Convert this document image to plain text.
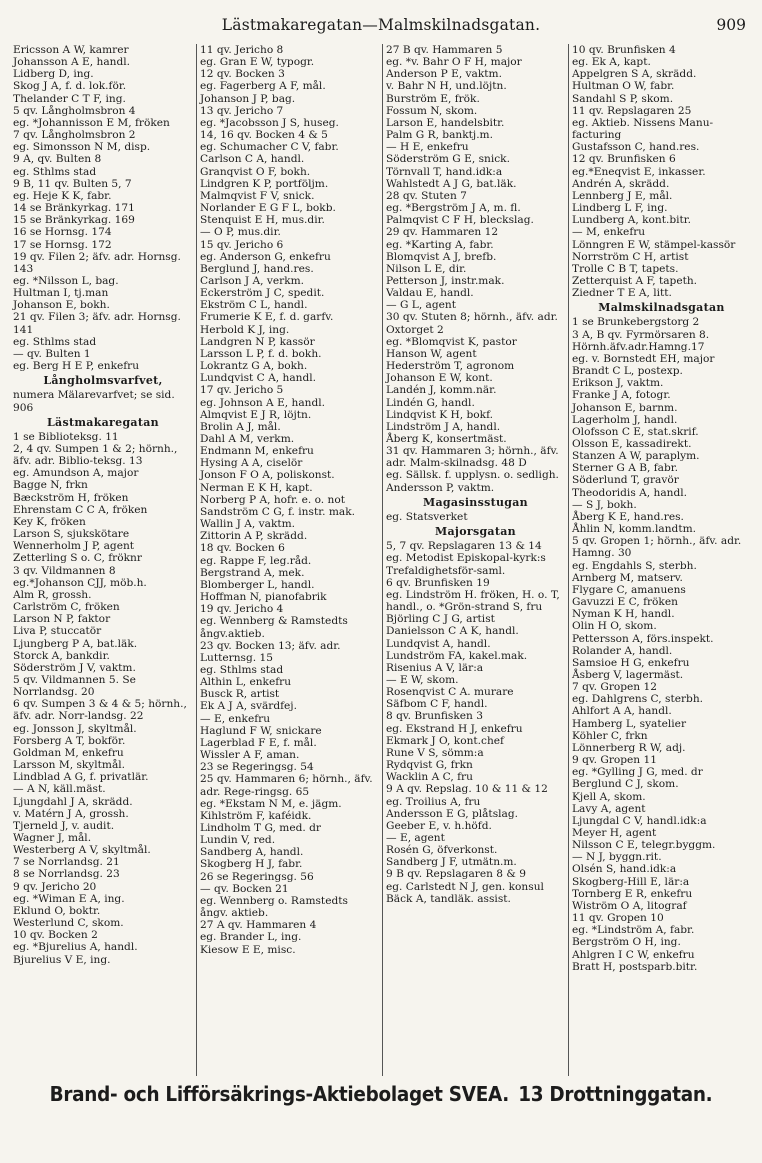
Lästmakaregatan—Malmskilnadsgatan.	909
Ericsson A W, kamrer
Johansson A E, handl.
Lidberg D, ing.
Skog J A, f. d. lok.för.
Thelander C T F, ing.
5 qv. Långholmsbron 4
eg. *Johannisson E M, fröken
7 qv. Långholmsbron 2
eg. Simonsson N M, disp.
9 A, qv. Bulten 8
eg. Sthlms stad
9 B, 11 qv. Bulten 5, 7
eg. Heje K K, fabr.
14 se Bränkyrkag. 171
15 se Bränkyrkag. 169
16 se Hornsg. 174
17 se Hornsg. 172
19 qv. Filen 2; äfv. adr. Hornsg. 143
eg. *Nilsson L, bag.
Hultman I, tj.man
Johanson E, bokh.
21 qv. Filen 3; äfv. adr. Hornsg. 141
eg. Sthlms stad
— qv. Bulten 1
eg. Berg H E P, enkefru
Långholmsvarfvet,
numera Mälarevarfvet; se sid. 906
Lästmakaregatan
1 se Biblioteksg. 11
2, 4 qv. Sumpen 1 & 2; hörnh., äfv. adr. Biblio-teksg. 13
eg. Amundson A, major
Bagge N, frkn
Bæckström H, fröken
Ehrenstam C C A, fröken
Key K, fröken
Larson S, sjukskötare
Wennerholm J P, agent
Zetterling S o. C, fröknr
3 qv. Vildmannen 8
eg.*Johanson CJJ, möb.h.
Alm R, grossh.
Carlström C, fröken
Larson N P, faktor
Liva P, stuccatör
Ljungberg P A, bat.läk.
Storck A, bankdir.
Söderström J V, vaktm.
5 qv. Vildmannen 5. Se Norrlandsg. 20
6 qv. Sumpen 3 & 4 & 5; hörnh., äfv. adr. Norr-landsg. 22
eg. Jonsson J, skyltmål.
Forsberg A T, bokför.
Goldman M, enkefru
Larsson M, skyltmål.
Lindblad A G, f. privatlär.
— A N, käll.mäst.
Ljungdahl J A, skrädd.
v. Matérn J A, grossh.
Tjerneld J, v. audit.
Wagner J, mål.
Westerberg A V, skyltmål.
7 se Norrlandsg. 21
8 se Norrlandsg. 23
9 qv. Jericho 20
eg. *Wiman E A, ing.
Eklund O, boktr.
Westerlund C, skom.
10 qv. Bocken 2
eg. *Bjurelius A, handl.
Bjurelius V E, ing.
11 qv. Jericho 8
eg. Gran E W, typogr.
12 qv. Bocken 3
eg. Fagerberg A F, mål.
Johanson J P, bag.
13 qv. Jericho 7
eg. *Jacobsson J S, huseg.
14, 16 qv. Bocken 4 & 5
eg. Schumacher C V, fabr.
Carlson C A, handl.
Granqvist O F, bokh.
Lindgren K P, portföljm.
Malmqvist F V, snick.
Norlander E G F L, bokb.
Stenquist E H, mus.dir.
— O P, mus.dir.
15 qv. Jericho 6
eg. Anderson G, enkefru
Berglund J, hand.res.
Carlson J A, verkm.
Eckerström J C, spedit.
Ekström C L, handl.
Frumerie K E, f. d. garfv.
Herbold K J, ing.
Landgren N P, kassör
Larsson L P, f. d. bokh.
Lokrantz G A, bokh.
Lundqvist C A, handl.
17 qv. Jericho 5
eg. Johnson A E, handl.
Almqvist E J R, löjtn.
Brolin A J, mål.
Dahl A M, verkm.
Endmann M, enkefru
Hysing A A, ciselör
Jonson F O A, poliskonst.
Nerman E K H, kapt.
Norberg P A, hofr. e. o. not
Sandström C G, f. instr. mak.
Wallin J A, vaktm.
Zittorin A P, skrädd.
18 qv. Bocken 6
eg. Rappe F, leg.råd.
Bergstrand A, mek.
Blomberger L, handl.
Hoffman N, pianofabrik
19 qv. Jericho 4
eg. Wennberg & Ramstedts ångv.aktieb.
23 qv. Bocken 13; äfv. adr. Lutternsg. 15
eg. Sthlms stad
Althin L, enkefru
Busck R, artist
Ek A J A, svärdfej.
— E, enkefru
Haglund F W, snickare
Lagerblad F E, f. mål.
Wissler A F, aman.
23 se Regeringsg. 54
25 qv. Hammaren 6; hörnh., äfv. adr. Rege-ringsg. 65
eg. *Ekstam N M, e. jägm.
Kihlström F, kaféidk.
Lindholm T G, med. dr
Lundin V, red.
Sandberg A, handl.
Skogberg H J, fabr.
26 se Regeringsg. 56
— qv. Bocken 21
eg. Wennberg o. Ramstedts ångv. aktieb.
27 A qv. Hammaren 4
eg. Brander L, ing.
Kiesow E E, misc.
27 B qv. Hammaren 5
eg. *v. Bahr O F H, major
Anderson P E, vaktm.
v. Bahr N H, und.löjtn.
Burström E, frök.
Fossum N, skom.
Larson E, handelsbitr.
Palm G R, banktj.m.
— H E, enkefru
Söderström G E, snick.
Törnvall T, hand.idk:a
Wahlstedt A J G, bat.läk.
28 qv. Stuten 7
eg. *Bergström J A, m. fl.
Palmqvist C F H, bleckslag.
29 qv. Hammaren 12
eg. *Karting A, fabr.
Blomqvist A J, brefb.
Nilson L E, dir.
Petterson J, instr.mak.
Valdau E, handl.
— G L, agent
30 qv. Stuten 8; hörnh., äfv. adr. Oxtorget 2
eg. *Blomqvist K, pastor
Hanson W, agent
Hederström T, agronom
Johanson E W, kont.
Landén J, komm.när.
Lindén G, handl.
Lindqvist K H, bokf.
Lindström J A, handl.
Åberg K, konsertmäst.
31 qv. Hammaren 3; hörnh., äfv. adr. Malm-skilnadsg. 48 D
eg. Sällsk. f. upplysn. o. sedligh.
Andersson P, vaktm.
Magasinsstugan
eg. Statsverket
Majorsgatan
5, 7 qv. Repslagaren 13 & 14
eg. Metodist Episkopal-kyrk:s Trefaldighetsför-saml.
6 qv. Brunfisken 19
eg. Lindström H. fröken, H. o. T, handl., o. *Grön-strand S, fru
Björling C J G, artist
Danielsson C A K, handl.
Lundqvist A, handl.
Lundström FA, kakel.mak.
Risenius A V, lär:a
— E W, skom.
Rosenqvist C A. murare
Säfbom C F, handl.
8 qv. Brunfisken 3
eg. Ekstrand H J, enkefru
Ekmark J O, kont.chef
Rune V S, sömm:a
Rydqvist G, frkn
Wacklin A C, fru
9 A qv. Repslag. 10 & 11 & 12
eg. Troilius A, fru
Andersson E G, plåtslag.
Geeber E, v. h.höfd.
— E, agent
Rosén G, öfverkonst.
Sandberg J F, utmätn.m.
9 B qv. Repslagaren 8 & 9
eg. Carlstedt N J, gen. konsul
Bäck A, tandläk. assist.
10 qv. Brunfisken 4
eg. Ek A, kapt.
Appelgren S A, skrädd.
Hultman O W, fabr.
Sandahl S P, skom.
11 qv. Repslagaren 25
eg. Aktieb. Nissens Manu-facturing
Gustafsson C, hand.res.
12 qv. Brunfisken 6
eg.*Eneqvist E, inkasser.
Andrén A, skrädd.
Lennberg J E, mål.
Lindberg L F, ing.
Lundberg A, kont.bitr.
— M, enkefru
Lönngren E W, stämpel-kassör
Norrström C H, artist
Trolle C B T, tapets.
Zetterquist A F, tapeth.
Ziedner T E A, litt.
Malmskilnadsgatan
1 se Brunkebergstorg 2
3 A, B qv. Fyrmörsaren 8. Hörnh.äfv.adr.Hamng.17
eg. v. Bornstedt EH, major
Brandt C L, postexp.
Erikson J, vaktm.
Franke J A, fotogr.
Johanson E, barnm.
Lagerholm J, handl.
Olofsson C E, stat.skrif.
Olsson E, kassadirekt.
Stanzen A W, paraplym.
Sterner G A B, fabr.
Söderlund T, gravör
Theodoridis A, handl.
— S J, bokh.
Åberg K E, hand.res.
Åhlin N, komm.landtm.
5 qv. Gropen 1; hörnh., äfv. adr. Hamng. 30
eg. Engdahls S, sterbh.
Arnberg M, matserv.
Flygare C, amanuens
Gavuzzi E C, fröken
Nyman K H, handl.
Olin H O, skom.
Pettersson A, förs.inspekt.
Rolander A, handl.
Samsioe H G, enkefru
Åsberg V, lagermäst.
7 qv. Gropen 12
eg. Dahlgrens C, sterbh.
Ahlfort A A, handl.
Hamberg L, syatelier
Köhler C, frkn
Lönnerberg R W, adj.
9 qv. Gropen 11
eg. *Gylling J G, med. dr
Berglund C J, skom.
Kjell A, skom.
Lavy A, agent
Ljungdal C V, handl.idk:a
Meyer H, agent
Nilsson C E, telegr.byggm.
— N J, byggn.rit.
Olsén S, hand.idk:a
Skogberg-Hill E, lär:a
Tornberg E R, enkefru
Wiström O A, litograf
11 qv. Gropen 10
eg. *Lindström A, fabr.
Bergström O H, ing.
Ahlgren I C W, enkefru
Bratt H, postsparb.bitr.
Brand- och Lifförsäkrings-Aktiebolaget SVEA. 13 Drottninggatan.
